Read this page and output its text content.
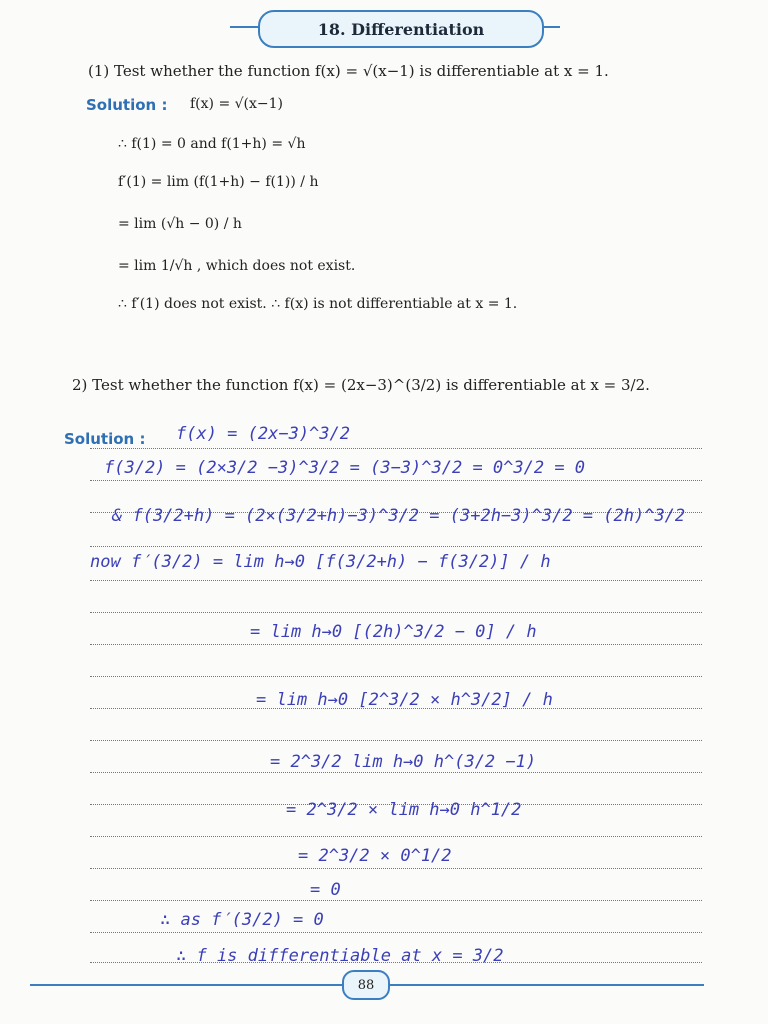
18. Differentiation
(1) Test whether the function f(x) = √(x−1) is differentiable at x = 1.
Solution : f(x) = √(x−1)
∴ f(1) = 0 and f(1+h) = √h
f′(1) = lim (f(1+h) − f(1)) / h
= lim (√h − 0) / h
= lim 1/√h , which does not exist.
∴ f′(1) does not exist. ∴ f(x) is not differentiable at x = 1.
2) Test whether the function f(x) = (2x−3)^(3/2) is differentiable at x = 3/2.
Solution : f(x) = (2x−3)^3/2
f(3/2) = (2×3/2 −3)^3/2 = (3−3)^3/2 = 0^3/2 = 0
& f(3/2+h) = (2×(3/2+h)−3)^3/2 = (3+2h−3)^3/2 = (2h)^3/2
now f′(3/2) = lim h→0 [f(3/2+h) − f(3/2)] / h
= lim h→0 [(2h)^3/2 − 0] / h
= lim h→0 [2^3/2 × h^3/2] / h
= 2^3/2 lim h→0 h^(3/2 −1)
= 2^3/2 × lim h→0 h^1/2
= 2^3/2 × 0^1/2
= 0
∴ as f′(3/2) = 0
∴ f is differentiable at x = 3/2
88
